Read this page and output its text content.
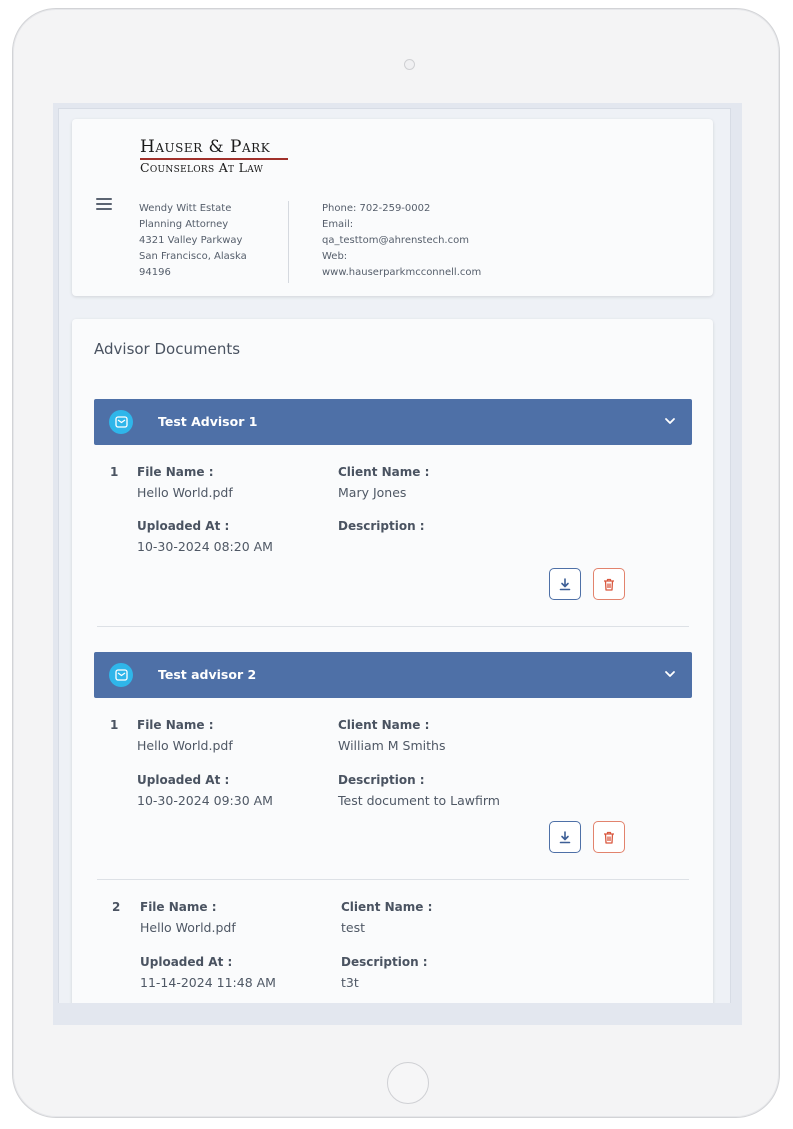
Hauser & Park
Counselors At Law
Wendy Witt Estate
Planning Attorney
4321 Valley Parkway
San Francisco, Alaska
94196
Phone: 702-259-0002
Email:
qa_testtom@ahrenstech.com
Web:
www.hauserparkmcconnell.com
Advisor Documents
Test Advisor 1
1 File Name :
Hello World.pdf
Client Name :
Mary Jones
Uploaded At :
10-30-2024 08:20 AM
Description :
Test advisor 2
1 File Name :
Hello World.pdf
Client Name :
William M Smiths
Uploaded At :
10-30-2024 09:30 AM
Description :
Test document to Lawfirm
2 File Name :
Hello World.pdf
Client Name :
test
Uploaded At :
11-14-2024 11:48 AM
Description :
t3t
